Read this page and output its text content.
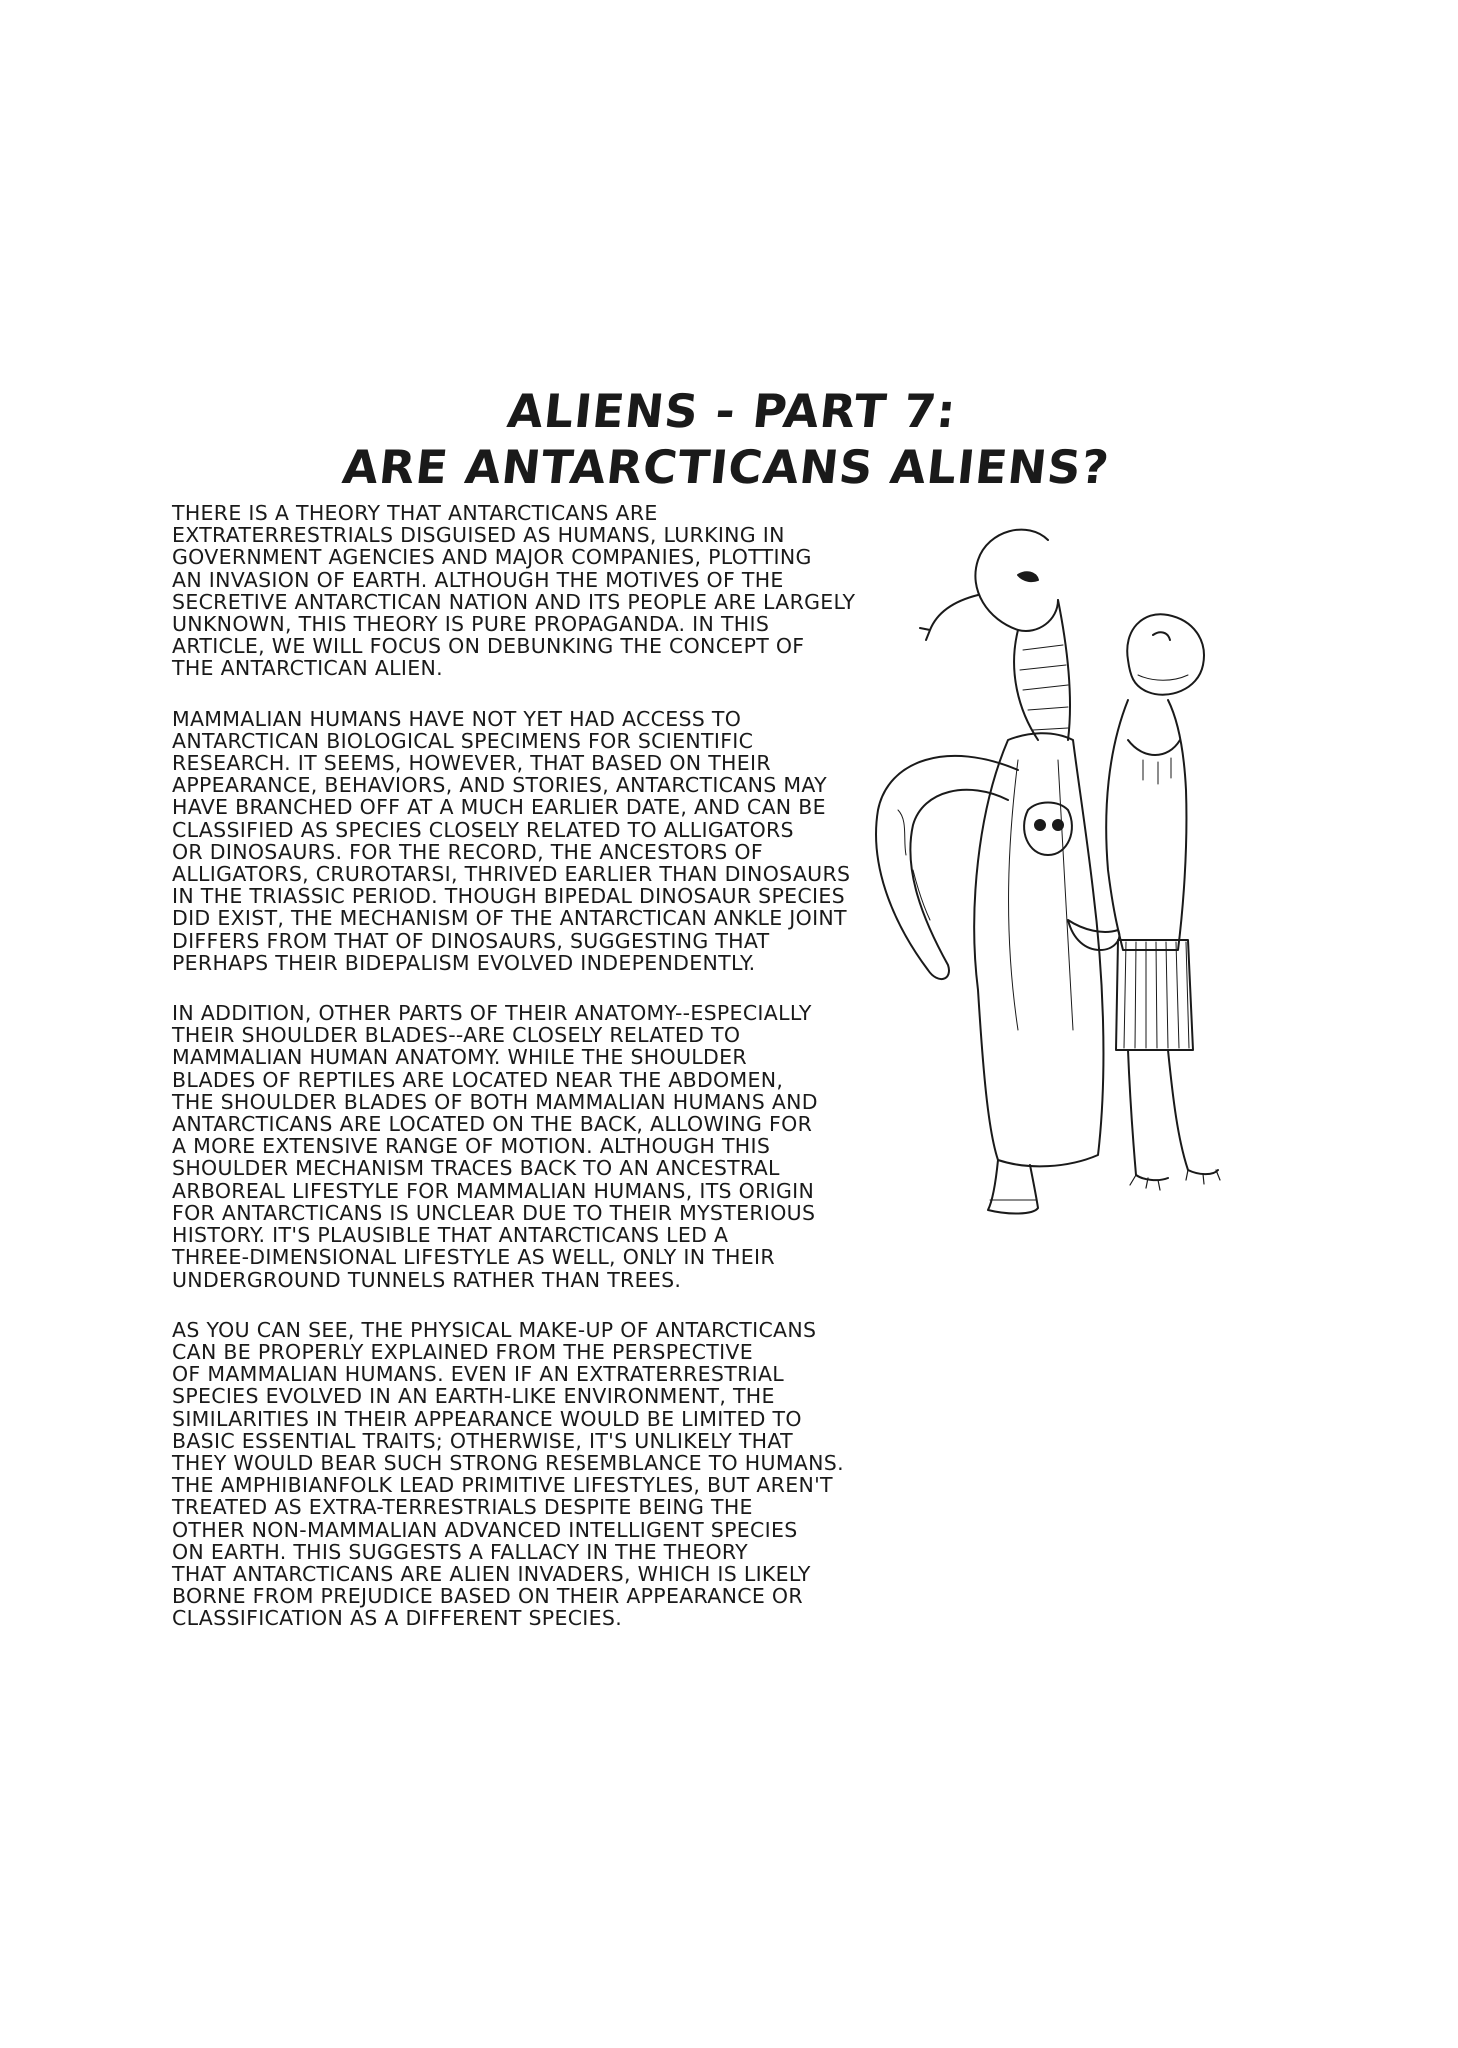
ALIENS - PART 7:
ARE ANTARCTICANS ALIENS?

THERE IS A THEORY THAT ANTARCTICANS ARE
EXTRATERRESTRIALS DISGUISED AS HUMANS, LURKING IN
GOVERNMENT AGENCIES AND MAJOR COMPANIES, PLOTTING
AN INVASION OF EARTH. ALTHOUGH THE MOTIVES OF THE
SECRETIVE ANTARCTICAN NATION AND ITS PEOPLE ARE LARGELY
UNKNOWN, THIS THEORY IS PURE PROPAGANDA. IN THIS
ARTICLE, WE WILL FOCUS ON DEBUNKING THE CONCEPT OF
THE ANTARCTICAN ALIEN.

MAMMALIAN HUMANS HAVE NOT YET HAD ACCESS TO
ANTARCTICAN BIOLOGICAL SPECIMENS FOR SCIENTIFIC
RESEARCH. IT SEEMS, HOWEVER, THAT BASED ON THEIR
APPEARANCE, BEHAVIORS, AND STORIES, ANTARCTICANS MAY
HAVE BRANCHED OFF AT A MUCH EARLIER DATE, AND CAN BE
CLASSIFIED AS SPECIES CLOSELY RELATED TO ALLIGATORS
OR DINOSAURS. FOR THE RECORD, THE ANCESTORS OF
ALLIGATORS, CRUROTARSI, THRIVED EARLIER THAN DINOSAURS
IN THE TRIASSIC PERIOD. THOUGH BIPEDAL DINOSAUR SPECIES
DID EXIST, THE MECHANISM OF THE ANTARCTICAN ANKLE JOINT
DIFFERS FROM THAT OF DINOSAURS, SUGGESTING THAT
PERHAPS THEIR BIDEPALISM EVOLVED INDEPENDENTLY.

IN ADDITION, OTHER PARTS OF THEIR ANATOMY--ESPECIALLY
THEIR SHOULDER BLADES--ARE CLOSELY RELATED TO
MAMMALIAN HUMAN ANATOMY. WHILE THE SHOULDER
BLADES OF REPTILES ARE LOCATED NEAR THE ABDOMEN,
THE SHOULDER BLADES OF BOTH MAMMALIAN HUMANS AND
ANTARCTICANS ARE LOCATED ON THE BACK, ALLOWING FOR
A MORE EXTENSIVE RANGE OF MOTION. ALTHOUGH THIS
SHOULDER MECHANISM TRACES BACK TO AN ANCESTRAL
ARBOREAL LIFESTYLE FOR MAMMALIAN HUMANS, ITS ORIGIN
FOR ANTARCTICANS IS UNCLEAR DUE TO THEIR MYSTERIOUS
HISTORY. IT'S PLAUSIBLE THAT ANTARCTICANS LED A
THREE-DIMENSIONAL LIFESTYLE AS WELL, ONLY IN THEIR
UNDERGROUND TUNNELS RATHER THAN TREES.

AS YOU CAN SEE, THE PHYSICAL MAKE-UP OF ANTARCTICANS
CAN BE PROPERLY EXPLAINED FROM THE PERSPECTIVE
OF MAMMALIAN HUMANS. EVEN IF AN EXTRATERRESTRIAL
SPECIES EVOLVED IN AN EARTH-LIKE ENVIRONMENT, THE
SIMILARITIES IN THEIR APPEARANCE WOULD BE LIMITED TO
BASIC ESSENTIAL TRAITS; OTHERWISE, IT'S UNLIKELY THAT
THEY WOULD BEAR SUCH STRONG RESEMBLANCE TO HUMANS.
THE AMPHIBIANFOLK LEAD PRIMITIVE LIFESTYLES, BUT AREN'T
TREATED AS EXTRA-TERRESTRIALS DESPITE BEING THE
OTHER NON-MAMMALIAN ADVANCED INTELLIGENT SPECIES
ON EARTH. THIS SUGGESTS A FALLACY IN THE THEORY
THAT ANTARCTICANS ARE ALIEN INVADERS, WHICH IS LIKELY
BORNE FROM PREJUDICE BASED ON THEIR APPEARANCE OR
CLASSIFICATION AS A DIFFERENT SPECIES.
